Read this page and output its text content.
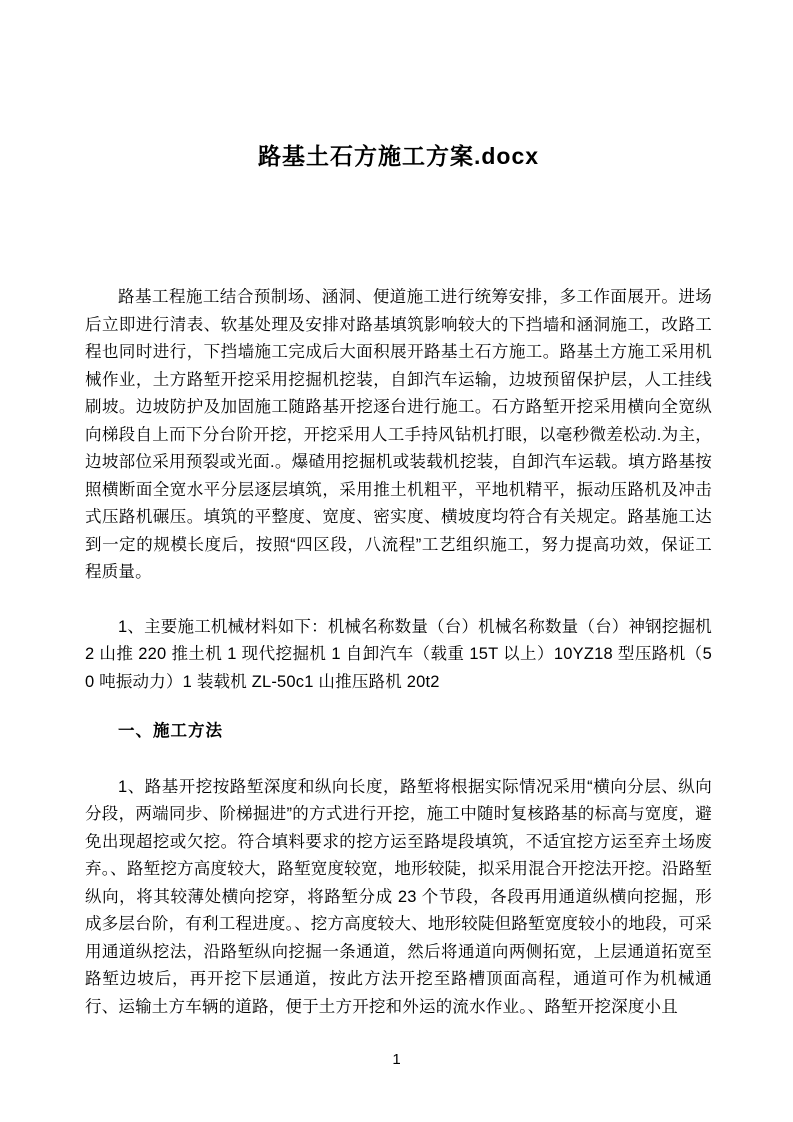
路基土石方施工方案.docx

路基工程施工结合预制场、涵洞、便道施工进行统筹安排，多工作面展开。进场后立即进行清表、软基处理及安排对路基填筑影响较大的下挡墙和涵洞施工，改路工程也同时进行，下挡墙施工完成后大面积展开路基土石方施工。路基土方施工采用机械作业，土方路堑开挖采用挖掘机挖装，自卸汽车运输，边坡预留保护层，人工挂线刷坡。边坡防护及加固施工随路基开挖逐台进行施工。石方路堑开挖采用横向全宽纵向梯段自上而下分台阶开挖，开挖采用人工手持风钻机打眼，以毫秒微差松动.为主，边坡部位采用预裂或光面.。爆碴用挖掘机或装载机挖装，自卸汽车运载。填方路基按照横断面全宽水平分层逐层填筑，采用推土机粗平，平地机精平，振动压路机及冲击式压路机碾压。填筑的平整度、宽度、密实度、横坡度均符合有关规定。路基施工达到一定的规模长度后，按照“四区段，八流程”工艺组织施工，努力提高功效，保证工程质量。

1、主要施工机械材料如下：机械名称数量（台）机械名称数量（台）神钢挖掘机 2 山推 220 推土机 1 现代挖掘机 1 自卸汽车（载重 15T 以上）10YZ18 型压路机（50 吨振动力）1 装载机 ZL-50c1 山推压路机 20t2

一、施工方法

1、路基开挖按路堑深度和纵向长度，路堑将根据实际情况采用“横向分层、纵向分段，两端同步、阶梯掘进”的方式进行开挖，施工中随时复核路基的标高与宽度，避免出现超挖或欠挖。符合填料要求的挖方运至路堤段填筑，不适宜挖方运至弃土场废弃。、路堑挖方高度较大，路堑宽度较宽，地形较陡，拟采用混合开挖法开挖。沿路堑纵向，将其较薄处横向挖穿，将路堑分成 23 个节段，各段再用通道纵横向挖掘，形成多层台阶，有利工程进度。、挖方高度较大、地形较陡但路堑宽度较小的地段，可采用通道纵挖法，沿路堑纵向挖掘一条通道，然后将通道向两侧拓宽，上层通道拓宽至路堑边坡后，再开挖下层通道，按此方法开挖至路槽顶面高程，通道可作为机械通行、运输土方车辆的道路，便于土方开挖和外运的流水作业。、路堑开挖深度小且

1
